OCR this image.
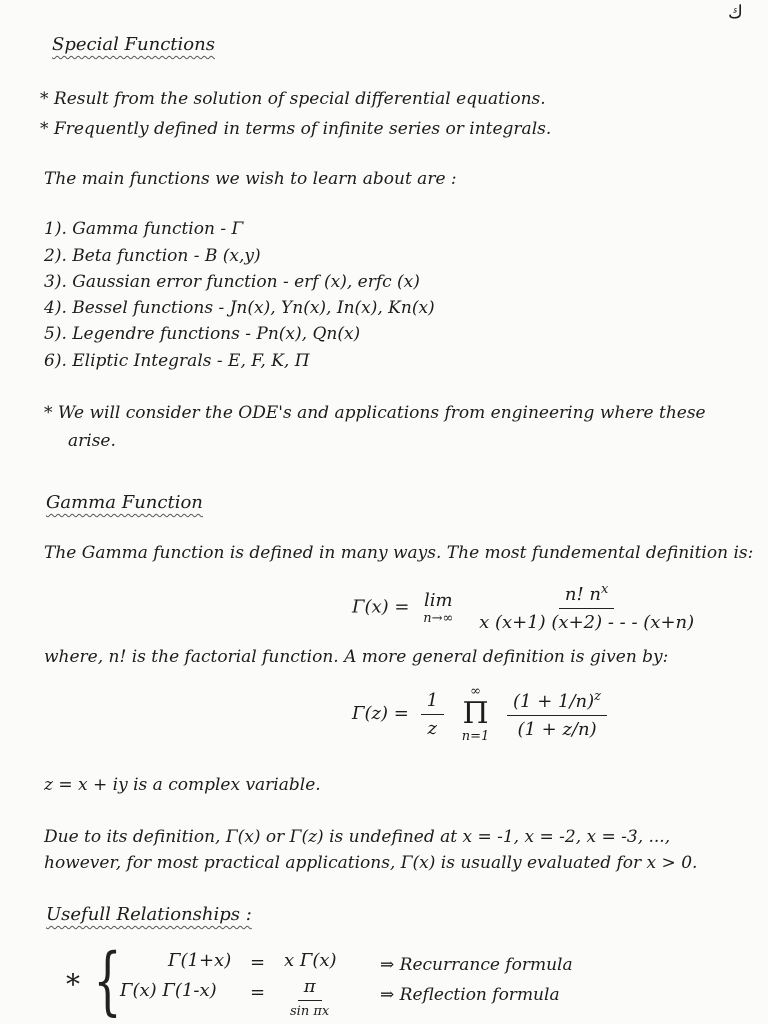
ك
Special Functions
* Result from the solution of special differential equations.
* Frequently defined in terms of infinite series or integrals.
The main functions we wish to learn about are :
1). Gamma function - Γ
2). Beta function - B (x,y)
3). Gaussian error function - erf (x), erfc (x)
4). Bessel functions - Jn(x), Yn(x), In(x), Kn(x)
5). Legendre functions - Pn(x), Qn(x)
6). Eliptic Integrals - E, F, K, Π
* We will consider the ODE's and applications from engineering where these
arise.
Gamma Function
The Gamma function is defined in many ways. The most fundemental definition is:
Γ(x) = lim
n→∞
$\frac{n! n^x}{x (x+1) (x+2) - - - (x+n)}$
where, n! is the factorial function. A more general definition is given by:
$\Gamma(z) = \frac{1}{z}$
∞
Π
n=1
$\frac{(1 + 1/n)^z}{(1 + z/n)}$
z = x + iy is a complex variable.
Due to its definition, Γ(x) or Γ(z) is undefined at x = -1, x = -2, x = -3, ...,
however, for most practical applications, Γ(x) is usually evaluated for x > 0.
Usefull Relationships :
* {	Γ(1+x) = x Γ(x)	⇒ Recurrance formula
Γ(x) $\Gamma(1-x) = \frac{\pi}{\text{sin πx}}$	⇒ Reflection formula
